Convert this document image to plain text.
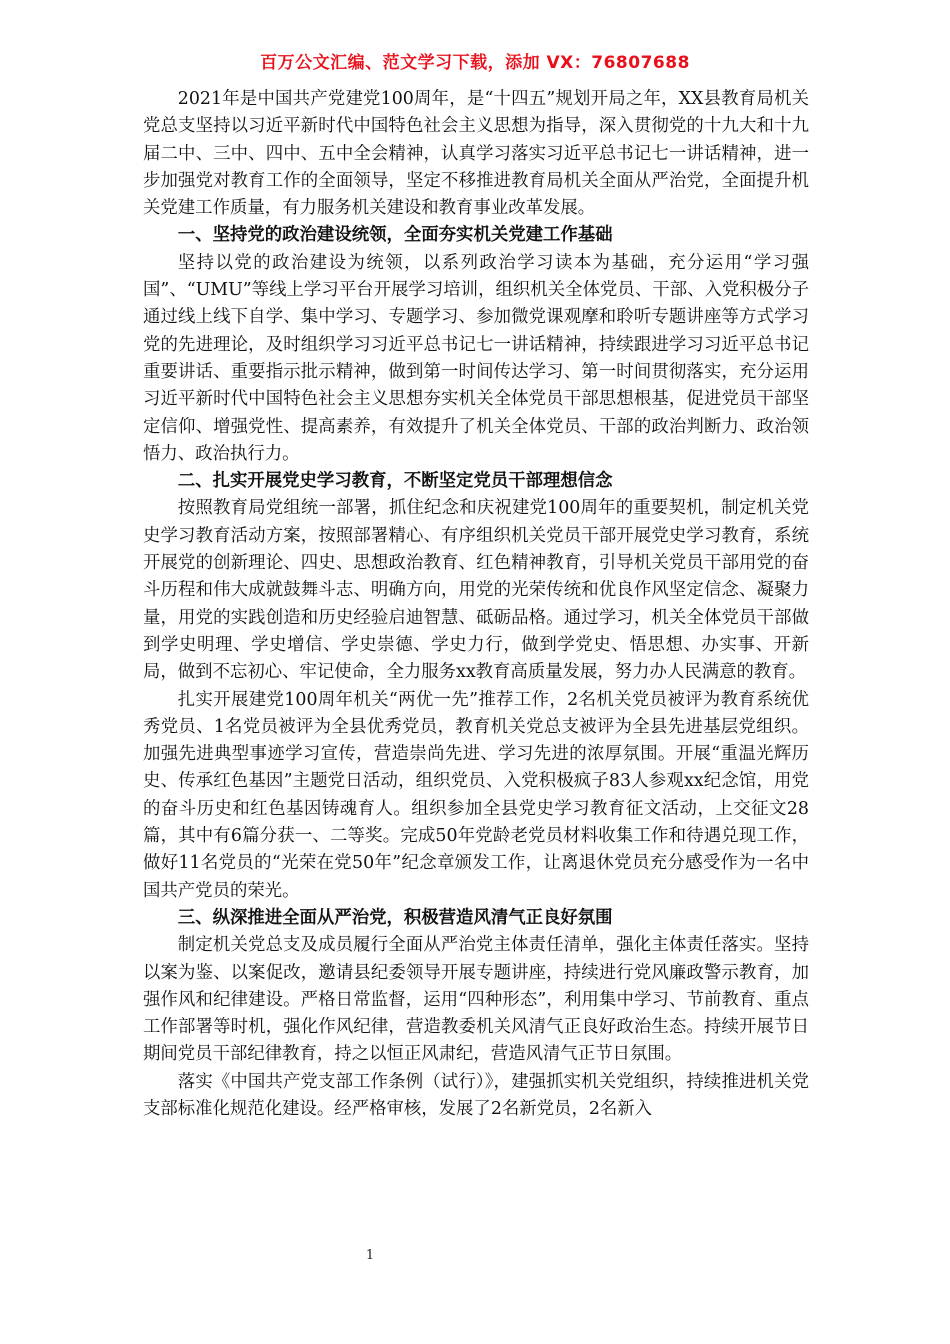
百万公文汇编、范文学习下载，添加 VX：76807688

2021年是中国共产党建党100周年，是“十四五”规划开局之年，XX县教育局机关党总支坚持以习近平新时代中国特色社会主义思想为指导，深入贯彻党的十九大和十九届二中、三中、四中、五中全会精神，认真学习落实习近平总书记七一讲话精神，进一步加强党对教育工作的全面领导，坚定不移推进教育局机关全面从严治党，全面提升机关党建工作质量，有力服务机关建设和教育事业改革发展。

一、坚持党的政治建设统领，全面夯实机关党建工作基础

坚持以党的政治建设为统领，以系列政治学习读本为基础，充分运用“学习强国”、“UMU”等线上学习平台开展学习培训，组织机关全体党员、干部、入党积极分子通过线上线下自学、集中学习、专题学习、参加微党课观摩和聆听专题讲座等方式学习党的先进理论，及时组织学习习近平总书记七一讲话精神，持续跟进学习习近平总书记重要讲话、重要指示批示精神，做到第一时间传达学习、第一时间贯彻落实，充分运用习近平新时代中国特色社会主义思想夯实机关全体党员干部思想根基，促进党员干部坚定信仰、增强党性、提高素养，有效提升了机关全体党员、干部的政治判断力、政治领悟力、政治执行力。

二、扎实开展党史学习教育，不断坚定党员干部理想信念

按照教育局党组统一部署，抓住纪念和庆祝建党100周年的重要契机，制定机关党史学习教育活动方案，按照部署精心、有序组织机关党员干部开展党史学习教育，系统开展党的创新理论、四史、思想政治教育、红色精神教育，引导机关党员干部用党的奋斗历程和伟大成就鼓舞斗志、明确方向，用党的光荣传统和优良作风坚定信念、凝聚力量，用党的实践创造和历史经验启迪智慧、砥砺品格。通过学习，机关全体党员干部做到学史明理、学史增信、学史崇德、学史力行，做到学党史、悟思想、办实事、开新局，做到不忘初心、牢记使命，全力服务xx教育高质量发展，努力办人民满意的教育。

扎实开展建党100周年机关“两优一先”推荐工作，2名机关党员被评为教育系统优秀党员、1名党员被评为全县优秀党员，教育机关党总支被评为全县先进基层党组织。加强先进典型事迹学习宣传，营造崇尚先进、学习先进的浓厚氛围。开展“重温光辉历史、传承红色基因”主题党日活动，组织党员、入党积极疯子83人参观xx纪念馆，用党的奋斗历史和红色基因铸魂育人。组织参加全县党史学习教育征文活动，上交征文28篇，其中有6篇分获一、二等奖。完成50年党龄老党员材料收集工作和待遇兑现工作，做好11名党员的“光荣在党50年”纪念章颁发工作，让离退休党员充分感受作为一名中国共产党员的荣光。

三、纵深推进全面从严治党，积极营造风清气正良好氛围

制定机关党总支及成员履行全面从严治党主体责任清单，强化主体责任落实。坚持以案为鉴、以案促改，邀请县纪委领导开展专题讲座，持续进行党风廉政警示教育，加强作风和纪律建设。严格日常监督，运用“四种形态”，利用集中学习、节前教育、重点工作部署等时机，强化作风纪律，营造教委机关风清气正良好政治生态。持续开展节日期间党员干部纪律教育，持之以恒正风肃纪，营造风清气正节日氛围。

落实《中国共产党支部工作条例（试行）》，建强抓实机关党组织，持续推进机关党支部标准化规范化建设。经严格审核，发展了2名新党员，2名新入

1
